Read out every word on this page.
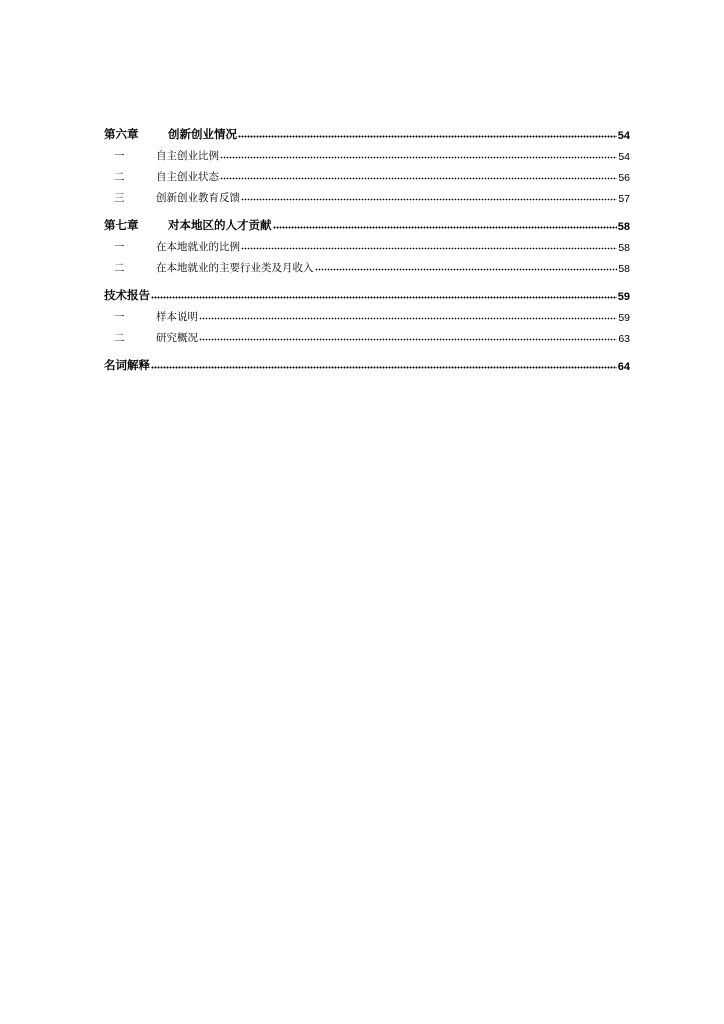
第六章	创新创业情况	54
一	自主创业比例	54
二	自主创业状态	56
三	创新创业教育反馈	57
第七章	对本地区的人才贡献	58
一	在本地就业的比例	58
二	在本地就业的主要行业类及月收入	58
技术报告	59
一	样本说明	59
二	研究概况	63
名词解释	64
